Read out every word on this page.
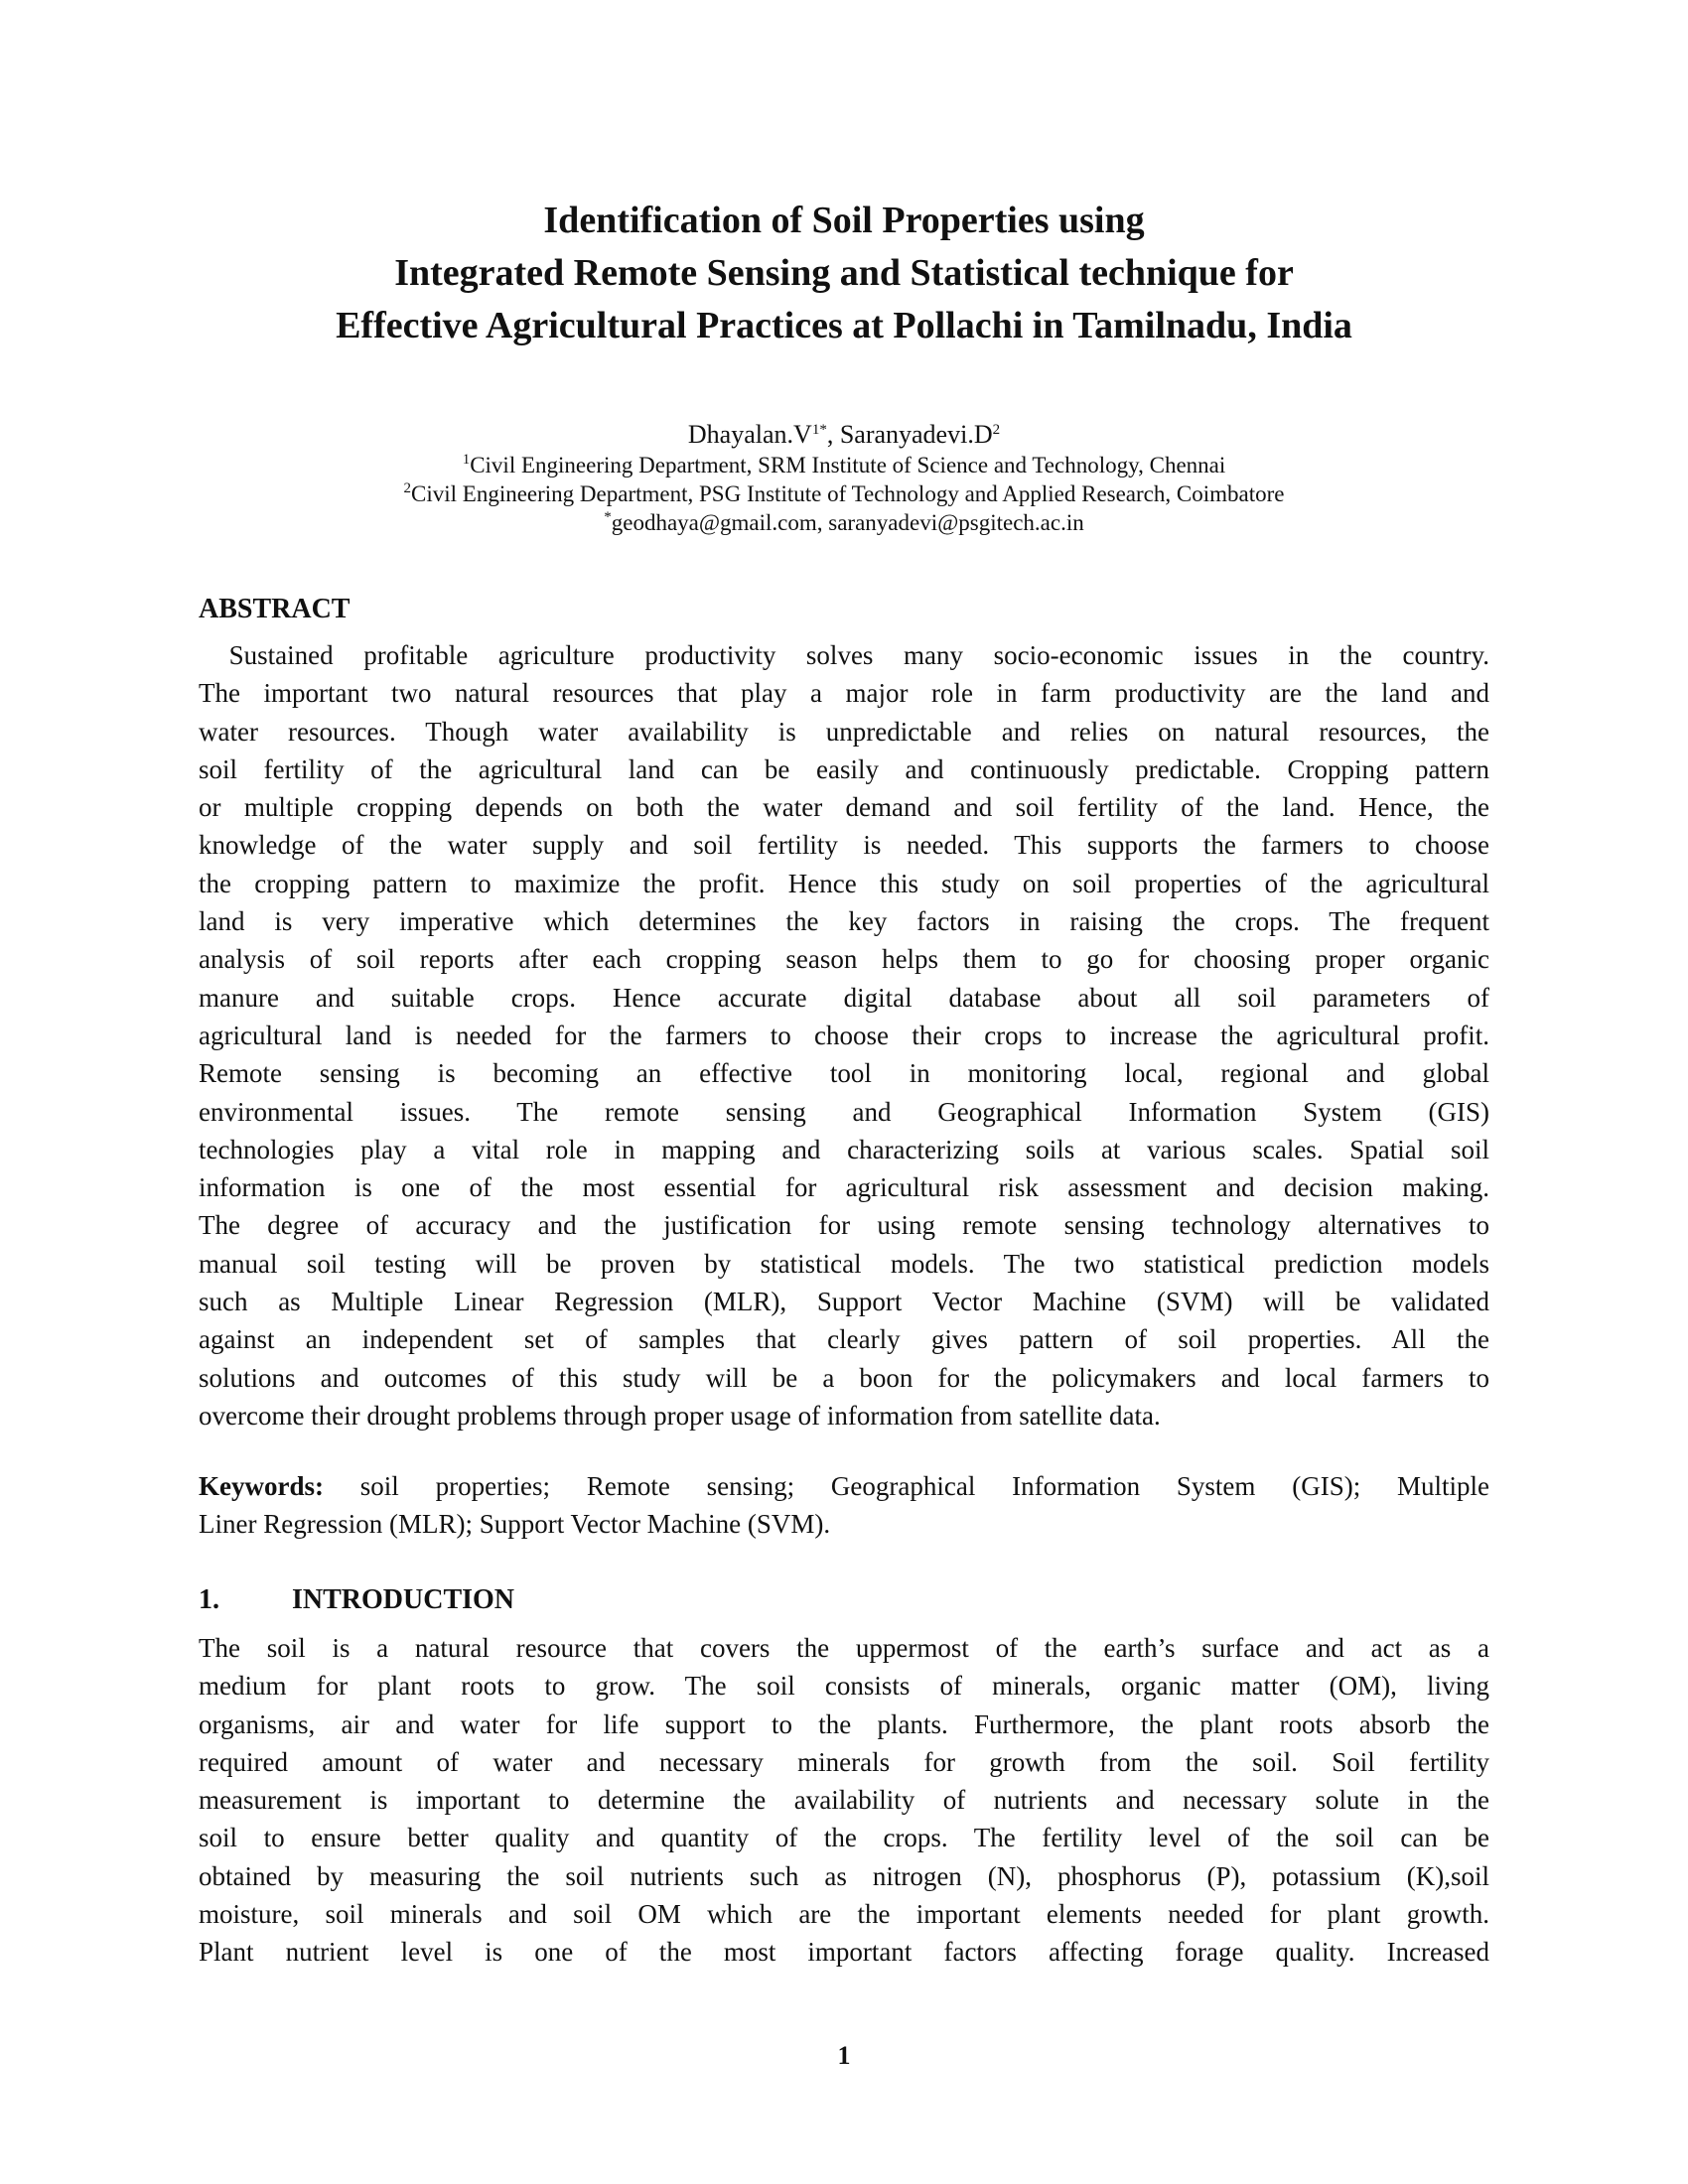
Identification of Soil Properties using
Integrated Remote Sensing and Statistical technique for
Effective Agricultural Practices at Pollachi in Tamilnadu, India
$Dhayalan.V^{1*}$, $Saranyadevi.D^2$
$^1$Civil Engineering Department, SRM Institute of Science and Technology, Chennai
$^2$Civil Engineering Department, PSG Institute of Technology and Applied Research, Coimbatore
*geodhaya@gmail.com, saranyadevi@psgitech.ac.in
ABSTRACT
Sustained profitable agriculture productivity solves many socio-economic issues in the country.
The important two natural resources that play a major role in farm productivity are the land and
water resources. Though water availability is unpredictable and relies on natural resources, the
soil fertility of the agricultural land can be easily and continuously predictable. Cropping pattern
or multiple cropping depends on both the water demand and soil fertility of the land. Hence, the
knowledge of the water supply and soil fertility is needed. This supports the farmers to choose
the cropping pattern to maximize the profit. Hence this study on soil properties of the agricultural
land is very imperative which determines the key factors in raising the crops. The frequent
analysis of soil reports after each cropping season helps them to go for choosing proper organic
manure and suitable crops. Hence accurate digital database about all soil parameters of
agricultural land is needed for the farmers to choose their crops to increase the agricultural profit.
Remote sensing is becoming an effective tool in monitoring local, regional and global
environmental issues. The remote sensing and Geographical Information System (GIS)
technologies play a vital role in mapping and characterizing soils at various scales. Spatial soil
information is one of the most essential for agricultural risk assessment and decision making.
The degree of accuracy and the justification for using remote sensing technology alternatives to
manual soil testing will be proven by statistical models. The two statistical prediction models
such as Multiple Linear Regression (MLR), Support Vector Machine (SVM) will be validated
against an independent set of samples that clearly gives pattern of soil properties. All the
solutions and outcomes of this study will be a boon for the policymakers and local farmers to
overcome their drought problems through proper usage of information from satellite data.
Keywords: soil properties; Remote sensing; Geographical Information System (GIS); Multiple
Liner Regression (MLR); Support Vector Machine (SVM).
1.	INTRODUCTION
The soil is a natural resource that covers the uppermost of the earth’s surface and act as a
medium for plant roots to grow. The soil consists of minerals, organic matter (OM), living
organisms, air and water for life support to the plants. Furthermore, the plant roots absorb the
required amount of water and necessary minerals for growth from the soil. Soil fertility
measurement is important to determine the availability of nutrients and necessary solute in the
soil to ensure better quality and quantity of the crops. The fertility level of the soil can be
obtained by measuring the soil nutrients such as nitrogen (N), phosphorus (P), potassium (K),soil
moisture, soil minerals and soil OM which are the important elements needed for plant growth.
Plant nutrient level is one of the most important factors affecting forage quality. Increased
1
